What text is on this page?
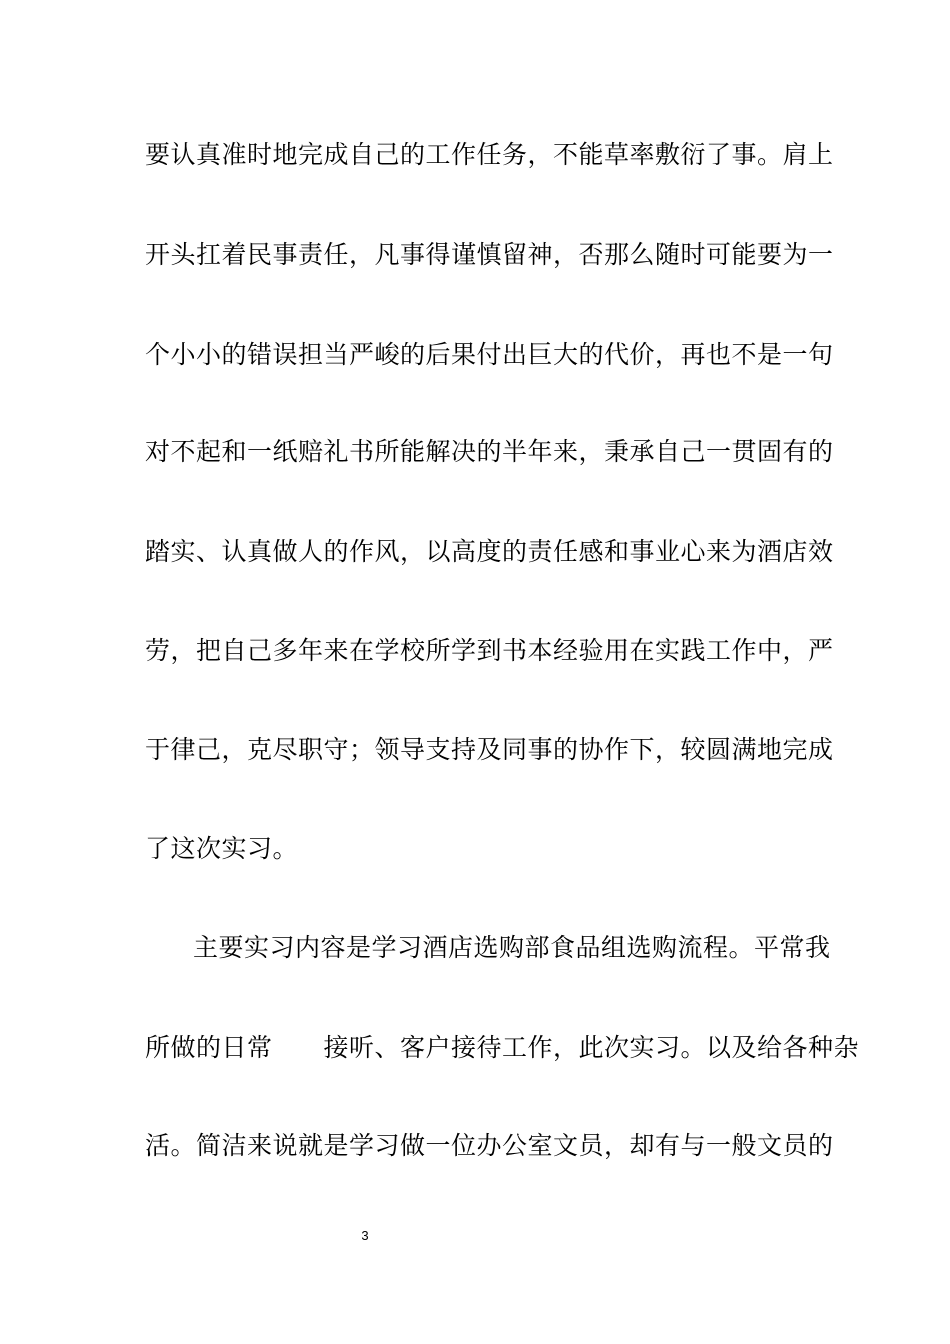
要认真准时地完成自己的工作任务，不能草率敷衍了事。肩上
开头扛着民事责任，凡事得谨慎留神，否那么随时可能要为一
个小小的错误担当严峻的后果付出巨大的代价，再也不是一句
对不起和一纸赔礼书所能解决的半年来，秉承自己一贯固有的
踏实、认真做人的作风，以高度的责任感和事业心来为酒店效
劳，把自己多年来在学校所学到书本经验用在实践工作中，严
于律己，克尽职守；领导支持及同事的协作下，较圆满地完成
了这次实习。
主要实习内容是学习酒店选购部食品组选购流程。平常我
所做的日常　　接听、客户接待工作，此次实习。以及给各种杂
活。简洁来说就是学习做一位办公室文员，却有与一般文员的
3
